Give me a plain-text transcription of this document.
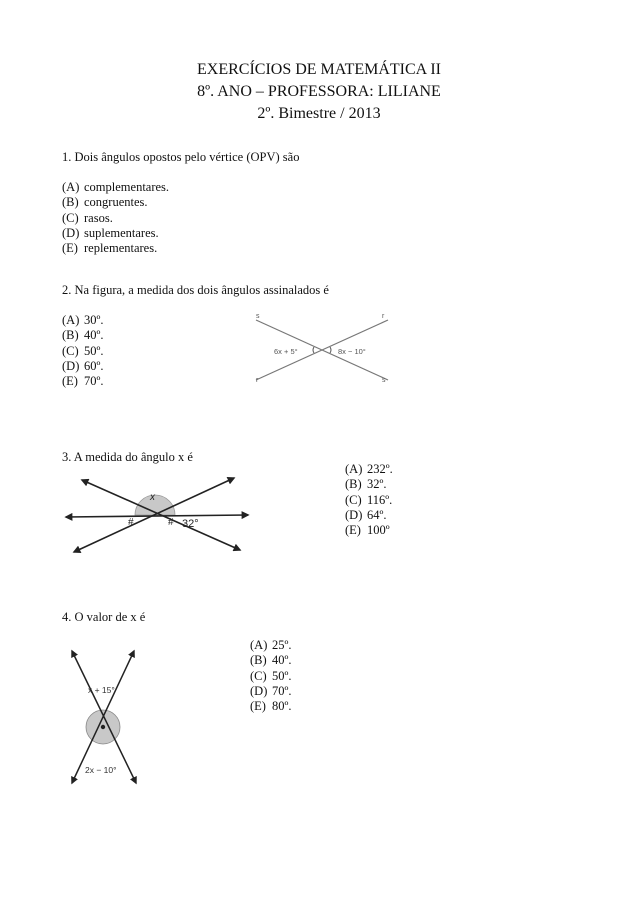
EXERCÍCIOS DE MATEMÁTICA II
8º. ANO – PROFESSORA: LILIANE
2º. Bimestre / 2013
1. Dois ângulos opostos pelo vértice (OPV) são
(A) complementares.
(B) congruentes.
(C) rasos.
(D) suplementares.
(E) replementares.
2. Na figura, a medida dos dois ângulos assinalados é
(A) 30º.
(B) 40º.
(C) 50º.
(D) 60º.
(E) 70º.
s	r
r	s
6x + 5°	8x − 10°
3. A medida do ângulo x é
(A) 232º.
(B) 32º.
(C) 116º.
(D) 64º.
(E) 100º
x
#	# 32°
4. O valor de x é
(A) 25º.
(B) 40º.
(C) 50º.
(D) 70º.
(E) 80º.
x + 15°
2x − 10°
